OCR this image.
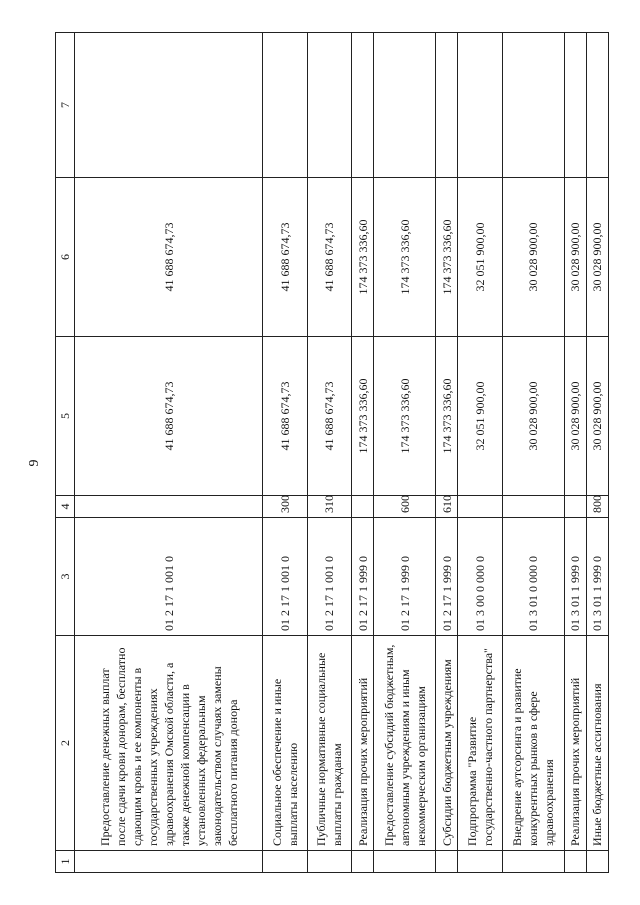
9
1	2	3	4	5	6	7
	Предоставление денежных выплат после сдачи крови донорам, бесплатно сдающим кровь и ее компоненты в государственных учреждениях здравоохранения Омской области, а также денежной компенсации в установленных федеральным законодательством случаях замены бесплатного питания донора	01 2 17 1 001 0		41 688 674,73	41 688 674,73	
	Социальное обеспечение и иные выплаты населению	01 2 17 1 001 0	300	41 688 674,73	41 688 674,73	
	Публичные нормативные социальные выплаты гражданам	01 2 17 1 001 0	310	41 688 674,73	41 688 674,73	
	Реализация прочих мероприятий	01 2 17 1 999 0		174 373 336,60	174 373 336,60	
	Предоставление субсидий бюджетным, автономным учреждениям и иным некоммерческим организациям	01 2 17 1 999 0	600	174 373 336,60	174 373 336,60	
	Субсидии бюджетным учреждениям	01 2 17 1 999 0	610	174 373 336,60	174 373 336,60	
	Подпрограмма "Развитие государственно-частного партнерства"	01 3 00 0 000 0		32 051 900,00	32 051 900,00	
	Внедрение аутсорсинга и развитие конкурентных рынков в сфере здравоохранения	01 3 01 0 000 0		30 028 900,00	30 028 900,00	
	Реализация прочих мероприятий	01 3 01 1 999 0		30 028 900,00	30 028 900,00	
	Иные бюджетные ассигнования	01 3 01 1 999 0	800	30 028 900,00	30 028 900,00	
